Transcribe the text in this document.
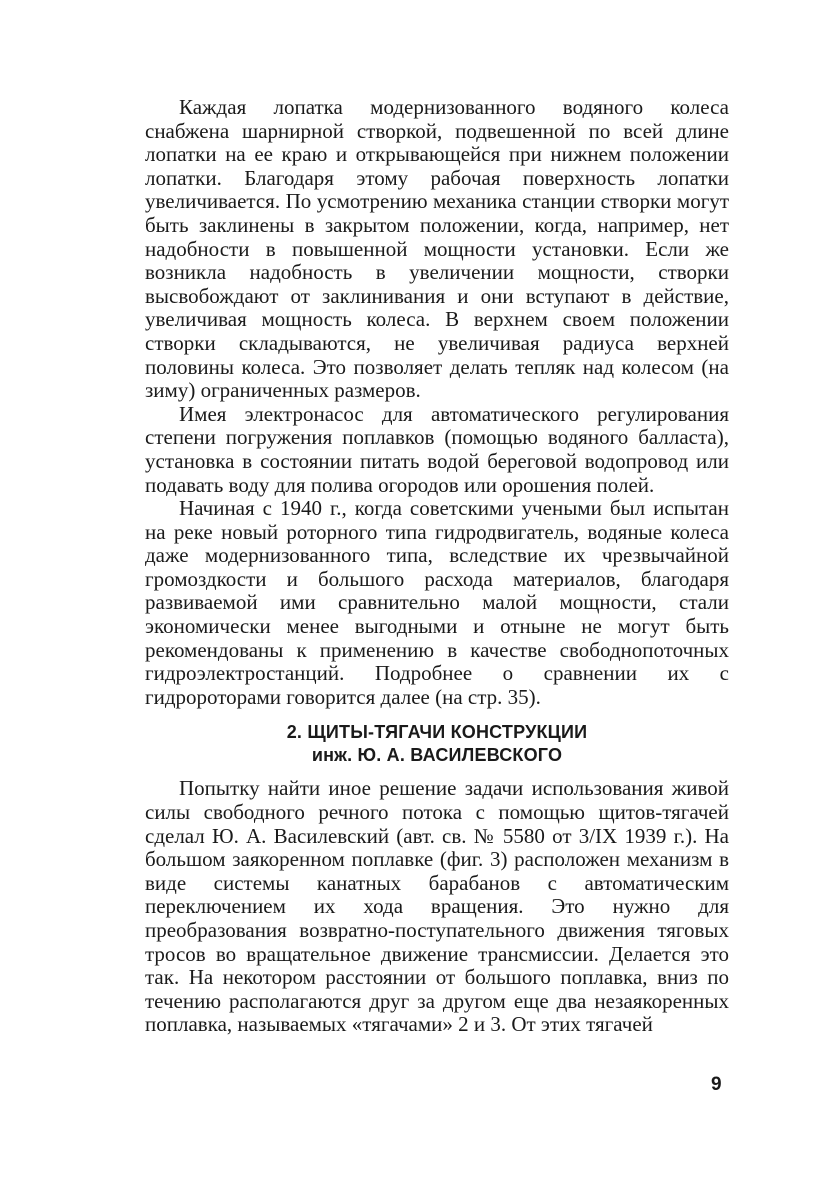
Каждая лопатка модернизованного водяного колеса снабжена шарнирной створкой, подвешенной по всей длине лопатки на ее краю и открывающейся при нижнем положении лопатки. Благодаря этому рабочая поверхность лопатки увеличивается. По усмотрению механика станции створки могут быть заклинены в закрытом положении, когда, например, нет надобности в повышенной мощности установки. Если же возникла надобность в увеличении мощности, створки высвобождают от заклинивания и они вступают в действие, увеличивая мощность колеса. В верхнем своем положении створки складываются, не увеличивая радиуса верхней половины колеса. Это позволяет делать тепляк над колесом (на зиму) ограниченных размеров.

Имея электронасос для автоматического регулирования степени погружения поплавков (помощью водяного балласта), установка в состоянии питать водой береговой водопровод или подавать воду для полива огородов или орошения полей.

Начиная с 1940 г., когда советскими учеными был испытан на реке новый роторного типа гидродвигатель, водяные колеса даже модернизованного типа, вследствие их чрезвычайной громоздкости и большого расхода материалов, благодаря развиваемой ими сравнительно малой мощности, стали экономически менее выгодными и отныне не могут быть рекомендованы к применению в качестве свободнопоточных гидроэлектростанций. Подробнее о сравнении их с гидророторами говорится далее (на стр. 35).

2. ЩИТЫ-ТЯГАЧИ КОНСТРУКЦИИ
инж. Ю. А. ВАСИЛЕВСКОГО

Попытку найти иное решение задачи использования живой силы свободного речного потока с помощью щитов-тягачей сделал Ю. А. Василевский (авт. св. № 5580 от 3/IX 1939 г.). На большом заякоренном поплавке (фиг. 3) расположен механизм в виде системы канатных барабанов с автоматическим переключением их хода вращения. Это нужно для преобразования возвратно-поступательного движения тяговых тросов во вращательное движение трансмиссии. Делается это так. На некотором расстоянии от большого поплавка, вниз по течению располагаются друг за другом еще два незаякоренных поплавка, называемых «тягачами» 2 и 3. От этих тягачей

9
